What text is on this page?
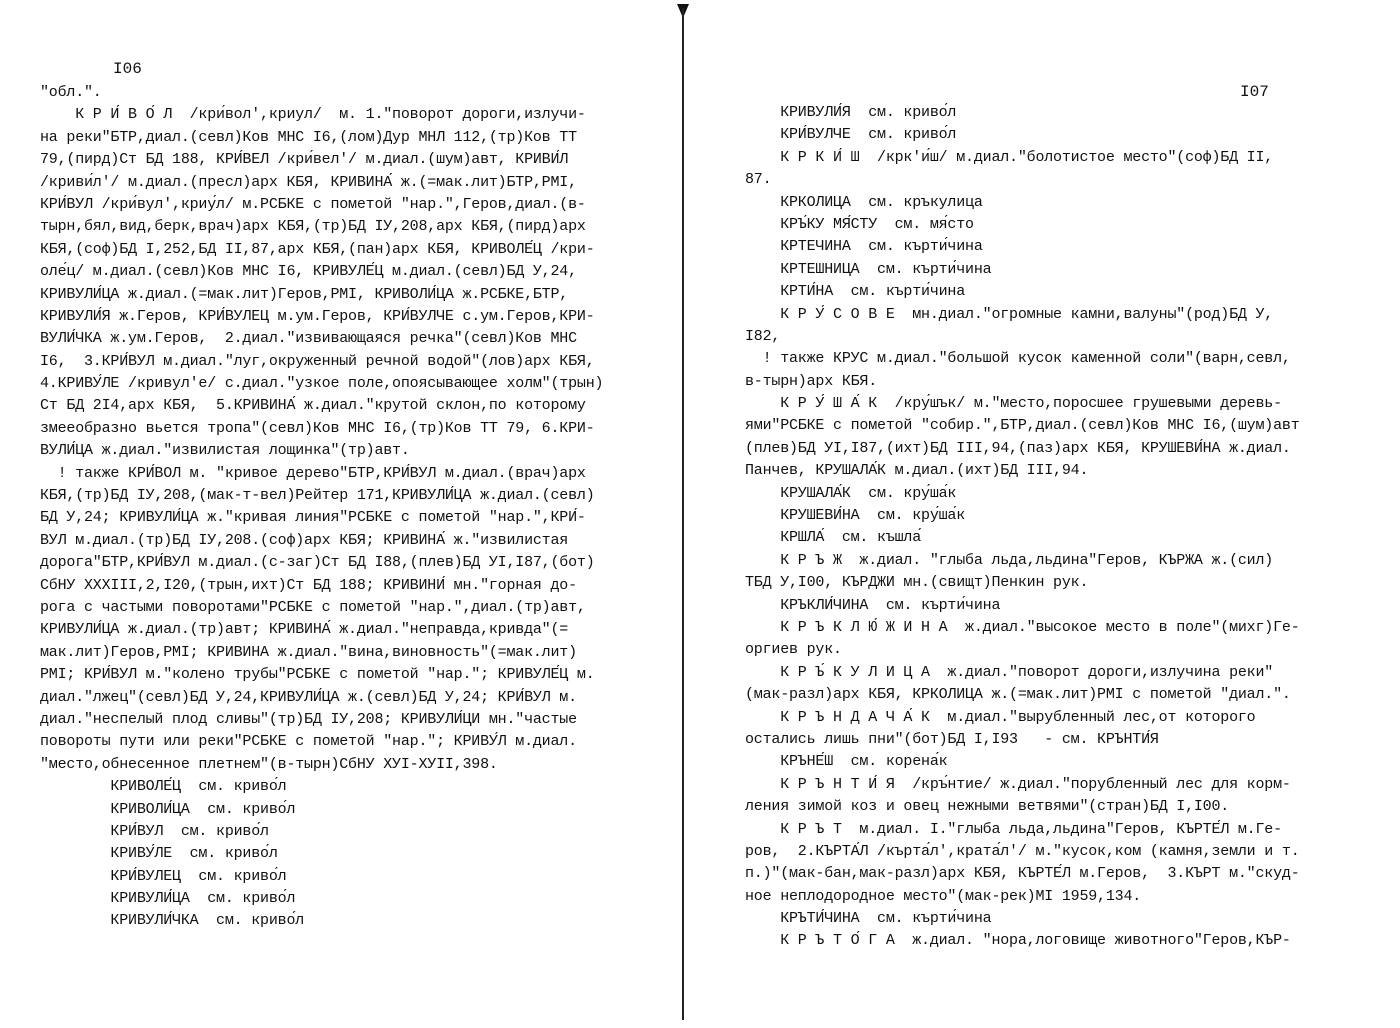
I06
"обл.".
К Р И́ В О́ Л  /кри́вол',криул/  м. 1."поворот дороги,излучи-
на реки"БТР,диал.(севл)Ков МНС I6,(лом)Дур МНЛ 112,(тр)Ков ТТ
79,(пирд)Ст БД 188, КРИ́ВЕЛ /кри́вел'/ м.диал.(шум)авт, КРИВИ́Л
/криви́л'/ м.диал.(пресл)арх КБЯ, КРИВИНА́ ж.(=мак.лит)БТР,РМI,
КРИ́ВУЛ /кри́вул',криу́л/ м.РСБКЕ с пометой "нар.",Геров,диал.(в-
тырн,бял,вид,берк,врач)арх КБЯ,(тр)БД IУ,208,арх КБЯ,(пирд)арх
КБЯ,(соф)БД I,252,БД II,87,арх КБЯ,(пан)арх КБЯ, КРИВОЛЕ́Ц /кри-
оле́ц/ м.диал.(севл)Ков МНС I6, КРИВУЛЕ́Ц м.диал.(севл)БД У,24,
КРИВУЛИ́ЦА ж.диал.(=мак.лит)Геров,РМI, КРИВОЛИ́ЦА ж.РСБКЕ,БТР,
КРИВУЛИ́Я ж.Геров, КРИ́ВУЛЕЦ м.ум.Геров, КРИ́ВУЛЧЕ с.ум.Геров,КРИ-
ВУЛИ́ЧКА ж.ум.Геров,  2.диал."извивающаяся речка"(севл)Ков МНС
I6,  3.КРИ́ВУЛ м.диал."луг,окруженный речной водой"(лов)арх КБЯ,
4.КРИВУ́ЛЕ /кривул'е/ с.диал."узкое поле,опоясывающее холм"(трын)
Ст БД 2I4,арх КБЯ,  5.КРИВИНА́ ж.диал."крутой склон,по которому
змееобразно вьется тропа"(севл)Ков МНС I6,(тр)Ков ТТ 79, 6.КРИ-
ВУЛИ́ЦА ж.диал."извилистая лощинка"(тр)авт.
! также КРИ́ВОЛ м. "кривое дерево"БТР,КРИ́ВУЛ м.диал.(врач)арх
КБЯ,(тр)БД IУ,208,(мак-т-вел)Рейтер 171,КРИВУЛИ́ЦА ж.диал.(севл)
БД У,24; КРИВУЛИ́ЦА ж."кривая линия"РСБКЕ с пометой "нар.",КРИ́-
ВУЛ м.диал.(тр)БД IУ,208.(соф)арх КБЯ; КРИВИНА́ ж."извилистая
дорога"БТР,КРИ́ВУЛ м.диал.(с-заг)Ст БД I88,(плев)БД УI,I87,(бот)
СбНУ XXXIII,2,I20,(трын,ихт)Ст БД 188; КРИВИНИ́ мн."горная до-
рога с частыми поворотами"РСБКЕ с пометой "нар.",диал.(тр)авт,
КРИВУЛИ́ЦА ж.диал.(тр)авт; КРИВИНА́ ж.диал."неправда,кривда"(=
мак.лит)Геров,РМI; КРИВИНА ж.диал."вина,виновность"(=мак.лит)
РМI; КРИ́ВУЛ м."колено трубы"РСБКЕ с пометой "нар."; КРИВУЛЕ́Ц м.
диал."лжец"(севл)БД У,24,КРИВУЛИ́ЦА ж.(севл)БД У,24; КРИ́ВУЛ м.
диал."неспелый плод сливы"(тр)БД IУ,208; КРИВУЛИ́ЦИ мн."частые
повороты пути или реки"РСБКЕ с пометой "нар."; КРИВУ́Л м.диал.
"место,обнесенное плетнем"(в-тырн)СбНУ ХУI-ХУII,398.
КРИВОЛЕ́Ц  см. криво́л
КРИВОЛИ́ЦА  см. криво́л
КРИ́ВУЛ  см. криво́л
КРИВУ́ЛЕ  см. криво́л
КРИ́ВУЛЕЦ  см. криво́л
КРИВУЛИ́ЦА  см. криво́л
КРИВУЛИ́ЧКА  см. криво́л
I07
КРИВУЛИ́Я  см. криво́л
КРИ́ВУЛЧЕ  см. криво́л
К Р К И́ Ш  /крк'и́ш/ м.диал."болотистое место"(соф)БД II,
87.
КРКОЛИЦА  см. кръкулица
КРЪ́КУ МЯ́СТУ  см. мя́сто
КРТЕЧИНА  см. кърти́чина
КРТЕШНИЦА  см. кърти́чина
КРТИ́НА  см. кърти́чина
К Р У́ С О В Е  мн.диал."огромные камни,валуны"(род)БД У,
I82,
! также КРУС м.диал."большой кусок каменной соли"(варн,севл,
в-тырн)арх КБЯ.
К Р У́ Ш А́ К  /кру́шък/ м."место,поросшее грушевыми деревь-
ями"РСБКЕ с пометой "собир.",БТР,диал.(севл)Ков МНС I6,(шум)авт
(плев)БД УI,I87,(ихт)БД III,94,(паз)арх КБЯ, КРУШЕВИ́НА ж.диал.
Панчев, КРУШАЛА́К м.диал.(ихт)БД III,94.
КРУШАЛА́К  см. кру́ша́к
КРУШЕВИ́НА  см. кру́ша́к
КРШЛА́  см. къшла́
К Р Ъ Ж  ж.диал. "глыба льда,льдина"Геров, КЪРЖА ж.(сил)
ТБД У,I00, КЪРДЖИ мн.(свищт)Пенкин рук.
КРЪКЛИ́ЧИНА  см. кърти́чина
К Р Ъ К Л Ю́ Ж И Н А  ж.диал."высокое место в поле"(михг)Ге-
оргиев рук.
К Р Ъ́ К У Л И Ц А  ж.диал."поворот дороги,излучина реки"
(мак-разл)арх КБЯ, КРКОЛИЦА ж.(=мак.лит)РМI с пометой "диал.".
К Р Ъ Н Д А Ч А́ К  м.диал."вырубленный лес,от которого
остались лишь пни"(бот)БД I,I93   - см. КРЪНТИ́Я
КРЪНЕ́Ш  см. корена́к
К Р Ъ Н Т И́ Я  /кръ́нтие/ ж.диал."порубленный лес для корм-
ления зимой коз и овец нежными ветвями"(стран)БД I,I00.
К Р Ъ Т  м.диал. I."глыба льда,льдина"Геров, КЪРТЕ́Л м.Ге-
ров,  2.КЪРТА́Л /кърта́л',крата́л'/ м."кусок,ком (камня,земли и т.
п.)"(мак-бан,мак-разл)арх КБЯ, КЪРТЕ́Л м.Геров,  3.КЪРТ м."скуд-
ное неплодородное место"(мак-рек)МI 1959,134.
КРЪТИ́ЧИНА  см. кърти́чина
К Р Ъ Т О́ Г А  ж.диал. "нора,логовище животного"Геров,КЪР-
